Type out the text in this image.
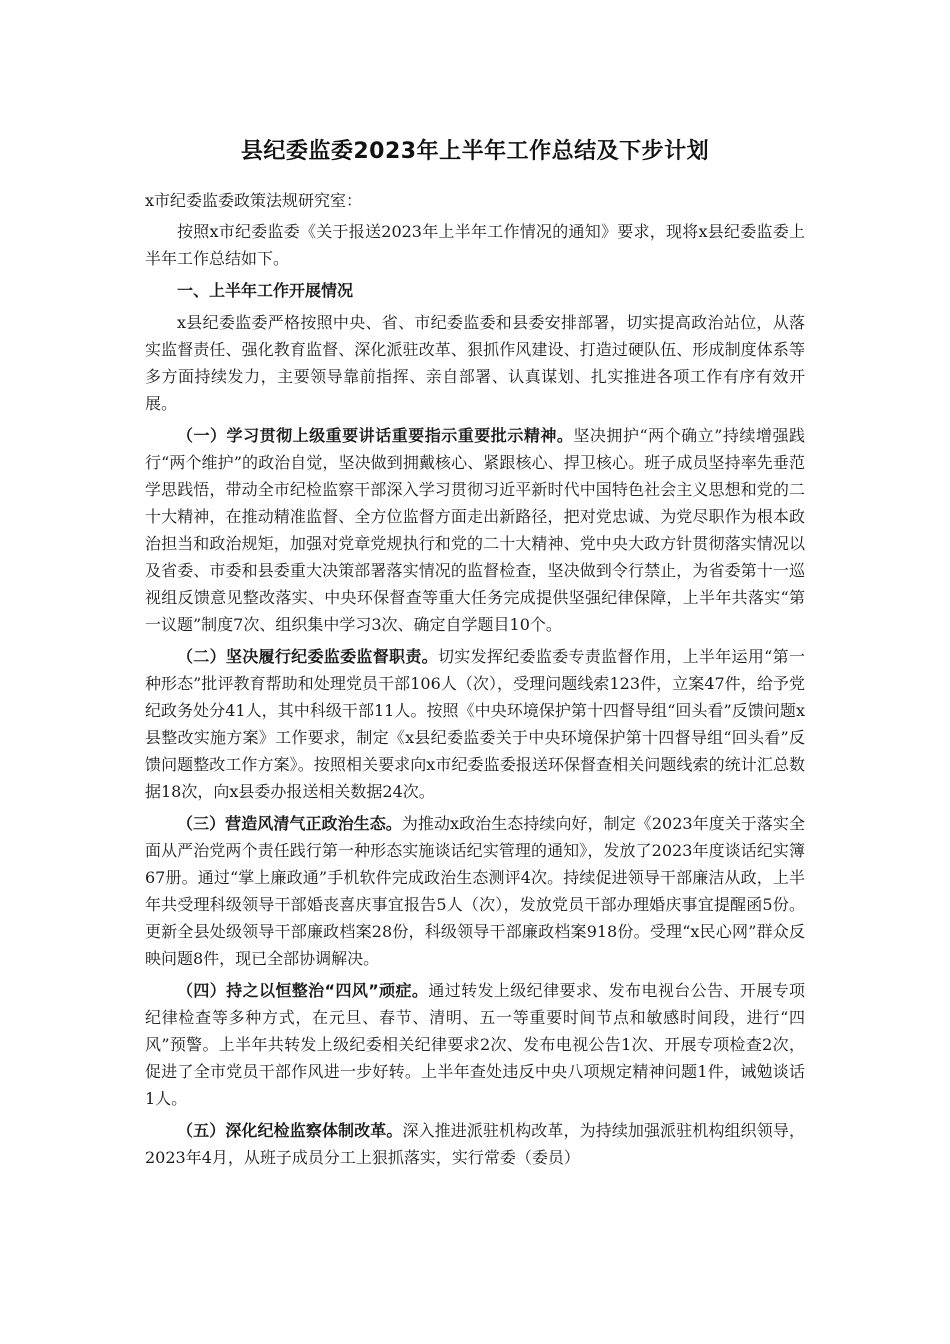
县纪委监委2023年上半年工作总结及下步计划
x市纪委监委政策法规研究室：

按照x市纪委监委《关于报送2023年上半年工作情况的通知》要求，现将x县纪委监委上半年工作总结如下。

一、上半年工作开展情况

x县纪委监委严格按照中央、省、市纪委监委和县委安排部署，切实提高政治站位，从落实监督责任、强化教育监督、深化派驻改革、狠抓作风建设、打造过硬队伍、形成制度体系等多方面持续发力，主要领导靠前指挥、亲自部署、认真谋划、扎实推进各项工作有序有效开展。

（一）学习贯彻上级重要讲话重要指示重要批示精神。坚决拥护“两个确立”持续增强践行“两个维护”的政治自觉，坚决做到拥戴核心、紧跟核心、捍卫核心。班子成员坚持率先垂范学思践悟，带动全市纪检监察干部深入学习贯彻习近平新时代中国特色社会主义思想和党的二十大精神，在推动精准监督、全方位监督方面走出新路径，把对党忠诚、为党尽职作为根本政治担当和政治规矩，加强对党章党规执行和党的二十大精神、党中央大政方针贯彻落实情况以及省委、市委和县委重大决策部署落实情况的监督检查，坚决做到令行禁止，为省委第十一巡视组反馈意见整改落实、中央环保督查等重大任务完成提供坚强纪律保障，上半年共落实“第一议题”制度7次、组织集中学习3次、确定自学题目10个。

（二）坚决履行纪委监委监督职责。切实发挥纪委监委专责监督作用，上半年运用“第一种形态”批评教育帮助和处理党员干部106人（次），受理问题线索123件，立案47件，给予党纪政务处分41人，其中科级干部11人。按照《中央环境保护第十四督导组“回头看”反馈问题x县整改实施方案》工作要求，制定《x县纪委监委关于中央环境保护第十四督导组“回头看”反馈问题整改工作方案》。按照相关要求向x市纪委监委报送环保督查相关问题线索的统计汇总数据18次，向x县委办报送相关数据24次。

（三）营造风清气正政治生态。为推动x政治生态持续向好，制定《2023年度关于落实全面从严治党两个责任践行第一种形态实施谈话纪实管理的通知》，发放了2023年度谈话纪实簿67册。通过“掌上廉政通”手机软件完成政治生态测评4次。持续促进领导干部廉洁从政，上半年共受理科级领导干部婚丧喜庆事宜报告5人（次），发放党员干部办理婚庆事宜提醒函5份。更新全县处级领导干部廉政档案28份，科级领导干部廉政档案918份。受理“x民心网”群众反映问题8件，现已全部协调解决。

（四）持之以恒整治“四风”顽症。通过转发上级纪律要求、发布电视台公告、开展专项纪律检查等多种方式，在元旦、春节、清明、五一等重要时间节点和敏感时间段，进行“四风”预警。上半年共转发上级纪委相关纪律要求2次、发布电视公告1次、开展专项检查2次，促进了全市党员干部作风进一步好转。上半年查处违反中央八项规定精神问题1件，诫勉谈话1人。

（五）深化纪检监察体制改革。深入推进派驻机构改革，为持续加强派驻机构组织领导，2023年4月，从班子成员分工上狠抓落实，实行常委（委员）
